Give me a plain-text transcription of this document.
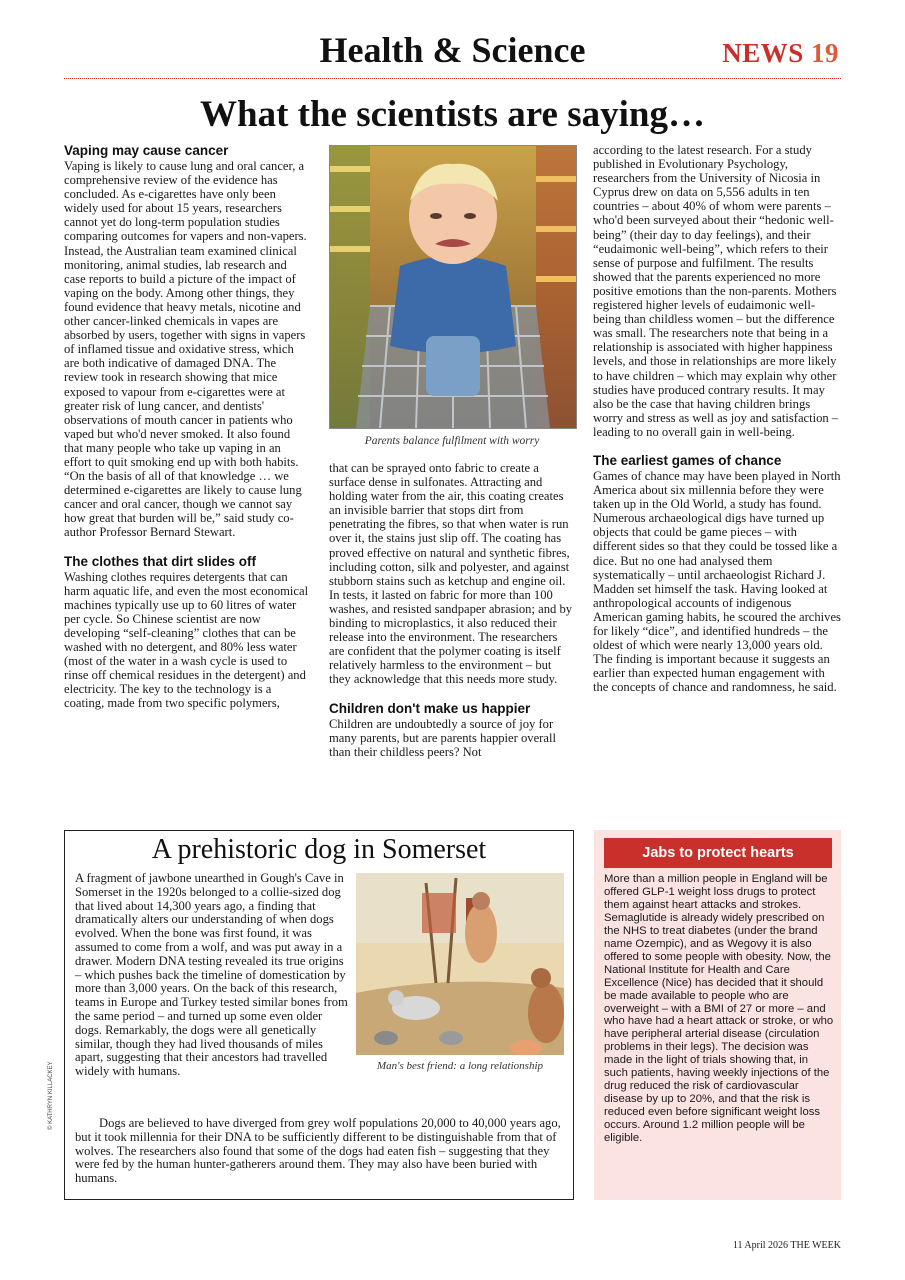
Health & Science	NEWS 19
What the scientists are saying…
Vaping may cause cancer

Vaping is likely to cause lung and oral cancer, a comprehensive review of the evidence has concluded. As e-cigarettes have only been widely used for about 15 years, researchers cannot yet do long-term population studies comparing outcomes for vapers and non-vapers. Instead, the Australian team examined clinical monitoring, animal studies, lab research and case reports to build a picture of the impact of vaping on the body. Among other things, they found evidence that heavy metals, nicotine and other cancer-linked chemicals in vapes are absorbed by users, together with signs in vapers of inflamed tissue and oxidative stress, which are both indicative of damaged DNA. The review took in research showing that mice exposed to vapour from e-cigarettes were at greater risk of lung cancer, and dentists' observations of mouth cancer in patients who vaped but who'd never smoked. It also found that many people who take up vaping in an effort to quit smoking end up with both habits. “On the basis of all of that knowledge … we determined e-cigarettes are likely to cause lung cancer and oral cancer, though we cannot say how great that burden will be,” said study co-author Professor Bernard Stewart.

The clothes that dirt slides off

Washing clothes requires detergents that can harm aquatic life, and even the most economical machines typically use up to 60 litres of water per cycle. So Chinese scientist are now developing “self-cleaning” clothes that can be washed with no detergent, and 80% less water (most of the water in a wash cycle is used to rinse off chemical residues in the detergent) and electricity. The key to the technology is a coating, made from two specific polymers,

Parents balance fulfilment with worry

that can be sprayed onto fabric to create a surface dense in sulfonates. Attracting and holding water from the air, this coating creates an invisible barrier that stops dirt from penetrating the fibres, so that when water is run over it, the stains just slip off. The coating has proved effective on natural and synthetic fibres, including cotton, silk and polyester, and against stubborn stains such as ketchup and engine oil. In tests, it lasted on fabric for more than 100 washes, and resisted sandpaper abrasion; and by binding to microplastics, it also reduced their release into the environment. The researchers are confident that the polymer coating is itself relatively harmless to the environment – but they acknowledge that this needs more study.

Children don't make us happier

Children are undoubtedly a source of joy for many parents, but are parents happier overall than their childless peers? Not

according to the latest research. For a study published in Evolutionary Psychology, researchers from the University of Nicosia in Cyprus drew on data on 5,556 adults in ten countries – about 40% of whom were parents – who'd been surveyed about their “hedonic well-being” (their day to day feelings), and their “eudaimonic well-being”, which refers to their sense of purpose and fulfilment. The results showed that the parents experienced no more positive emotions than the non-parents. Mothers registered higher levels of eudaimonic well-being than childless women – but the difference was small. The researchers note that being in a relationship is associated with higher happiness levels, and those in relationships are more likely to have children – which may explain why other studies have produced contrary results. It may also be the case that having children brings worry and stress as well as joy and satisfaction – leading to no overall gain in well-being.

The earliest games of chance

Games of chance may have been played in North America about six millennia before they were taken up in the Old World, a study has found. Numerous archaeological digs have turned up objects that could be game pieces – with different sides so that they could be tossed like a dice. But no one had analysed them systematically – until archaeologist Richard J. Madden set himself the task. Having looked at anthropological accounts of indigenous American gaming habits, he scoured the archives for likely “dice”, and identified hundreds – the oldest of which were nearly 13,000 years old. The finding is important because it suggests an earlier than expected human engagement with the concepts of chance and randomness, he said.

A prehistoric dog in Somerset
Man's best friend: a long relationship

A fragment of jawbone unearthed in Gough's Cave in Somerset in the 1920s belonged to a collie-sized dog that lived about 14,300 years ago, a finding that dramatically alters our understanding of when dogs evolved. When the bone was first found, it was assumed to come from a wolf, and was put away in a drawer. Modern DNA testing revealed its true origins – which pushes back the timeline of domestication by more than 3,000 years. On the back of this research, teams in Europe and Turkey tested similar bones from the same period – and turned up some even older dogs. Remarkably, the dogs were all genetically similar, though they had lived thousands of miles apart, suggesting that their ancestors had travelled widely with humans.

Dogs are believed to have diverged from grey wolf populations 20,000 to 40,000 years ago, but it took millennia for their DNA to be sufficiently different to be distinguishable from that of wolves. The researchers also found that some of the dogs had eaten fish – suggesting that they were fed by the human hunter-gatherers around them. They may also have been buried with humans.
© KATHRYN KILLACKEY
Jabs to protect hearts
More than a million people in England will be offered GLP-1 weight loss drugs to protect them against heart attacks and strokes. Semaglutide is already widely prescribed on the NHS to treat diabetes (under the brand name Ozempic), and as Wegovy it is also offered to some people with obesity. Now, the National Institute for Health and Care Excellence (Nice) has decided that it should be made available to people who are overweight – with a BMI of 27 or more – and who have had a heart attack or stroke, or who have peripheral arterial disease (circulation problems in their legs). The decision was made in the light of trials showing that, in such patients, having weekly injections of the drug reduced the risk of cardiovascular disease by up to 20%, and that the risk is reduced even before significant weight loss occurs. Around 1.2 million people will be eligible.
11 April 2026 THE WEEK
